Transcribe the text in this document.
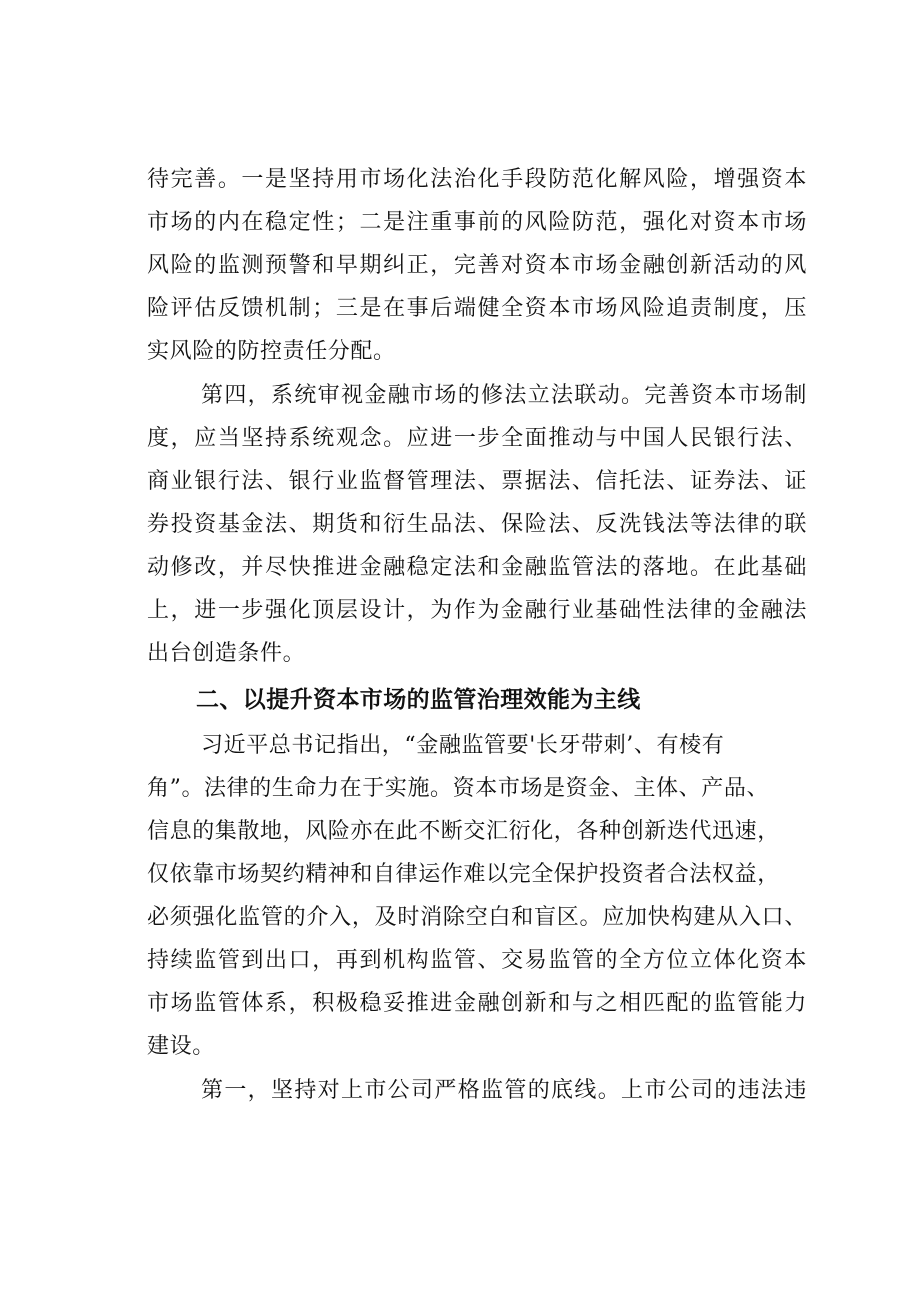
待完善。一是坚持用市场化法治化手段防范化解风险，增强资本
市场的内在稳定性；二是注重事前的风险防范，强化对资本市场
风险的监测预警和早期纠正，完善对资本市场金融创新活动的风
险评估反馈机制；三是在事后端健全资本市场风险追责制度，压
实风险的防控责任分配。
第四，系统审视金融市场的修法立法联动。完善资本市场制
度，应当坚持系统观念。应进一步全面推动与中国人民银行法、
商业银行法、银行业监督管理法、票据法、信托法、证券法、证
券投资基金法、期货和衍生品法、保险法、反洗钱法等法律的联
动修改，并尽快推进金融稳定法和金融监管法的落地。在此基础
上，进一步强化顶层设计，为作为金融行业基础性法律的金融法
出台创造条件。
二、以提升资本市场的监管治理效能为主线
习近平总书记指出，“金融监管要'长牙带刺’、有棱有
角”。法律的生命力在于实施。资本市场是资金、主体、产品、
信息的集散地，风险亦在此不断交汇衍化，各种创新迭代迅速，
仅依靠市场契约精神和自律运作难以完全保护投资者合法权益，
必须强化监管的介入，及时消除空白和盲区。应加快构建从入口、
持续监管到出口，再到机构监管、交易监管的全方位立体化资本
市场监管体系，积极稳妥推进金融创新和与之相匹配的监管能力
建设。
第一，坚持对上市公司严格监管的底线。上市公司的违法违
